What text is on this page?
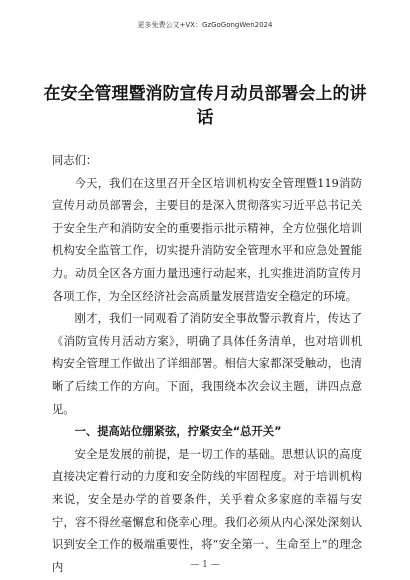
更多免费公文+VX：GzGoGongWen2024
在安全管理暨消防宣传月动员部署会上的讲话

同志们：

今天，我们在这里召开全区培训机构安全管理暨119消防宣传月动员部署会，主要目的是深入贯彻落实习近平总书记关于安全生产和消防安全的重要指示批示精神，全方位强化培训机构安全监管工作，切实提升消防安全管理水平和应急处置能力。动员全区各方面力量迅速行动起来，扎实推进消防宣传月各项工作，为全区经济社会高质量发展营造安全稳定的环境。

刚才，我们一同观看了消防安全事故警示教育片，传达了《消防宣传月活动方案》，明确了具体任务清单，也对培训机构安全管理工作做出了详细部署。相信大家都深受触动，也清晰了后续工作的方向。下面，我围绕本次会议主题，讲四点意见。

一、提高站位绷紧弦，拧紧安全“总开关”

安全是发展的前提，是一切工作的基础。思想认识的高度直接决定着行动的力度和安全防线的牢固程度。对于培训机构来说，安全是办学的首要条件，关乎着众多家庭的幸福与安宁，容不得丝毫懈怠和侥幸心理。我们必须从内心深处深刻认识到安全工作的极端重要性，将“安全第一、生命至上”的理念内	— 1 —
